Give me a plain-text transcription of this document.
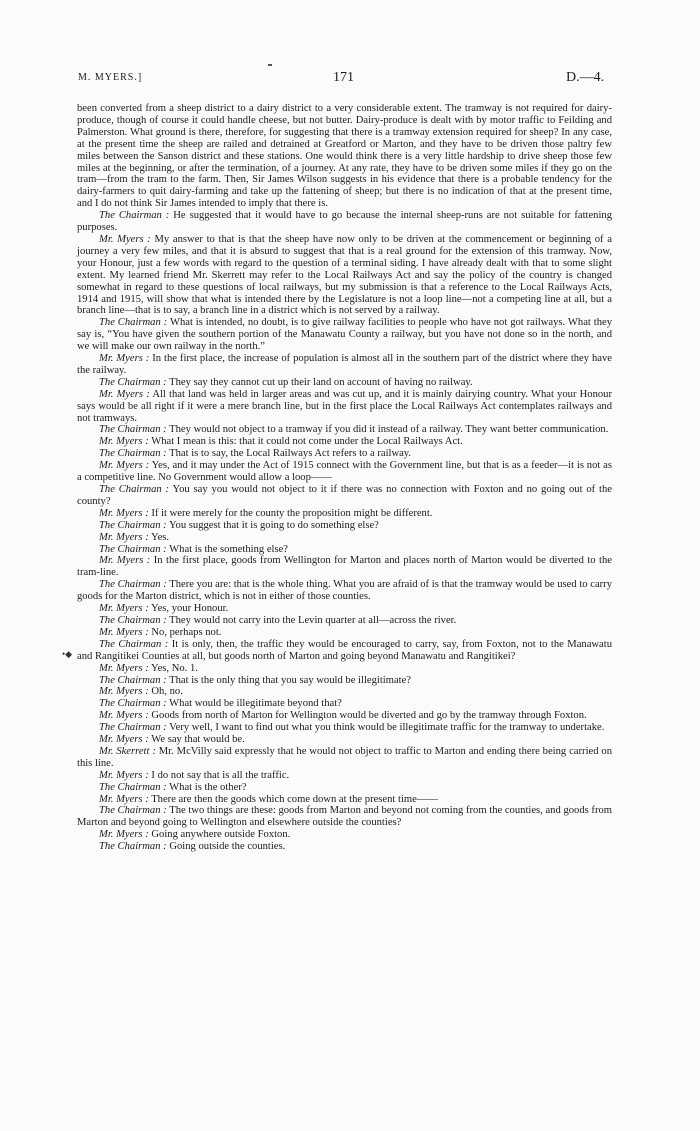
M. MYERS.]	171	D.—4.
•◆

been converted from a sheep district to a dairy district to a very considerable extent. The tramway is not required for dairy-produce, though of course it could handle cheese, but not butter. Dairy-produce is dealt with by motor traffic to Feilding and Palmerston. What ground is there, therefore, for suggesting that there is a tramway extension required for sheep? In any case, at the present time the sheep are railed and detrained at Greatford or Marton, and they have to be driven those paltry few miles between the Sanson district and these stations. One would think there is a very little hardship to drive sheep those few miles at the beginning, or after the termination, of a journey. At any rate, they have to be driven some miles if they go on the tram—from the tram to the farm. Then, Sir James Wilson suggests in his evidence that there is a probable tendency for the dairy-farmers to quit dairy-farming and take up the fattening of sheep; but there is no indication of that at the present time, and I do not think Sir James intended to imply that there is.

The Chairman : He suggested that it would have to go because the internal sheep-runs are not suitable for fattening purposes.

Mr. Myers : My answer to that is that the sheep have now only to be driven at the commencement or beginning of a journey a very few miles, and that it is absurd to suggest that that is a real ground for the extension of this tramway. Now, your Honour, just a few words with regard to the question of a terminal siding. I have already dealt with that to some slight extent. My learned friend Mr. Skerrett may refer to the Local Railways Act and say the policy of the country is changed somewhat in regard to these questions of local railways, but my submission is that a reference to the Local Railways Acts, 1914 and 1915, will show that what is intended there by the Legislature is not a loop line—not a competing line at all, but a branch line—that is to say, a branch line in a district which is not served by a railway.

The Chairman : What is intended, no doubt, is to give railway facilities to people who have not got railways. What they say is, “You have given the southern portion of the Manawatu County a railway, but you have not done so in the north, and we will make our own railway in the north.”

Mr. Myers : In the first place, the increase of population is almost all in the southern part of the district where they have the railway.

The Chairman : They say they cannot cut up their land on account of having no railway.

Mr. Myers : All that land was held in larger areas and was cut up, and it is mainly dairying country. What your Honour says would be all right if it were a mere branch line, but in the first place the Local Railways Act contemplates railways and not tramways.

The Chairman : They would not object to a tramway if you did it instead of a railway. They want better communication.

Mr. Myers : What I mean is this: that it could not come under the Local Railways Act.

The Chairman : That is to say, the Local Railways Act refers to a railway.

Mr. Myers : Yes, and it may under the Act of 1915 connect with the Government line, but that is as a feeder—it is not as a competitive line. No Government would allow a loop——

The Chairman : You say you would not object to it if there was no connection with Foxton and no going out of the county?

Mr. Myers : If it were merely for the county the proposition might be different.

The Chairman : You suggest that it is going to do something else?

Mr. Myers : Yes.

The Chairman : What is the something else?

Mr. Myers : In the first place, goods from Wellington for Marton and places north of Marton would be diverted to the tram-line.

The Chairman : There you are: that is the whole thing. What you are afraid of is that the tramway would be used to carry goods for the Marton district, which is not in either of those counties.

Mr. Myers : Yes, your Honour.

The Chairman : They would not carry into the Levin quarter at all—across the river.

Mr. Myers : No, perhaps not.

The Chairman : It is only, then, the traffic they would be encouraged to carry, say, from Foxton, not to the Manawatu and Rangitikei Counties at all, but goods north of Marton and going beyond Manawatu and Rangitikei?

Mr. Myers : Yes, No. 1.

The Chairman : That is the only thing that you say would be illegitimate?

Mr. Myers : Oh, no.

The Chairman : What would be illegitimate beyond that?

Mr. Myers : Goods from north of Marton for Wellington would be diverted and go by the tramway through Foxton.

The Chairman : Very well, I want to find out what you think would be illegitimate traffic for the tramway to undertake.

Mr. Myers : We say that would be.

Mr. Skerrett : Mr. McVilly said expressly that he would not object to traffic to Marton and ending there being carried on this line.

Mr. Myers : I do not say that is all the traffic.

The Chairman : What is the other?

Mr. Myers : There are then the goods which come down at the present time——

The Chairman : The two things are these: goods from Marton and beyond not coming from the counties, and goods from Marton and beyond going to Wellington and elsewhere outside the counties?

Mr. Myers : Going anywhere outside Foxton.

The Chairman : Going outside the counties.
